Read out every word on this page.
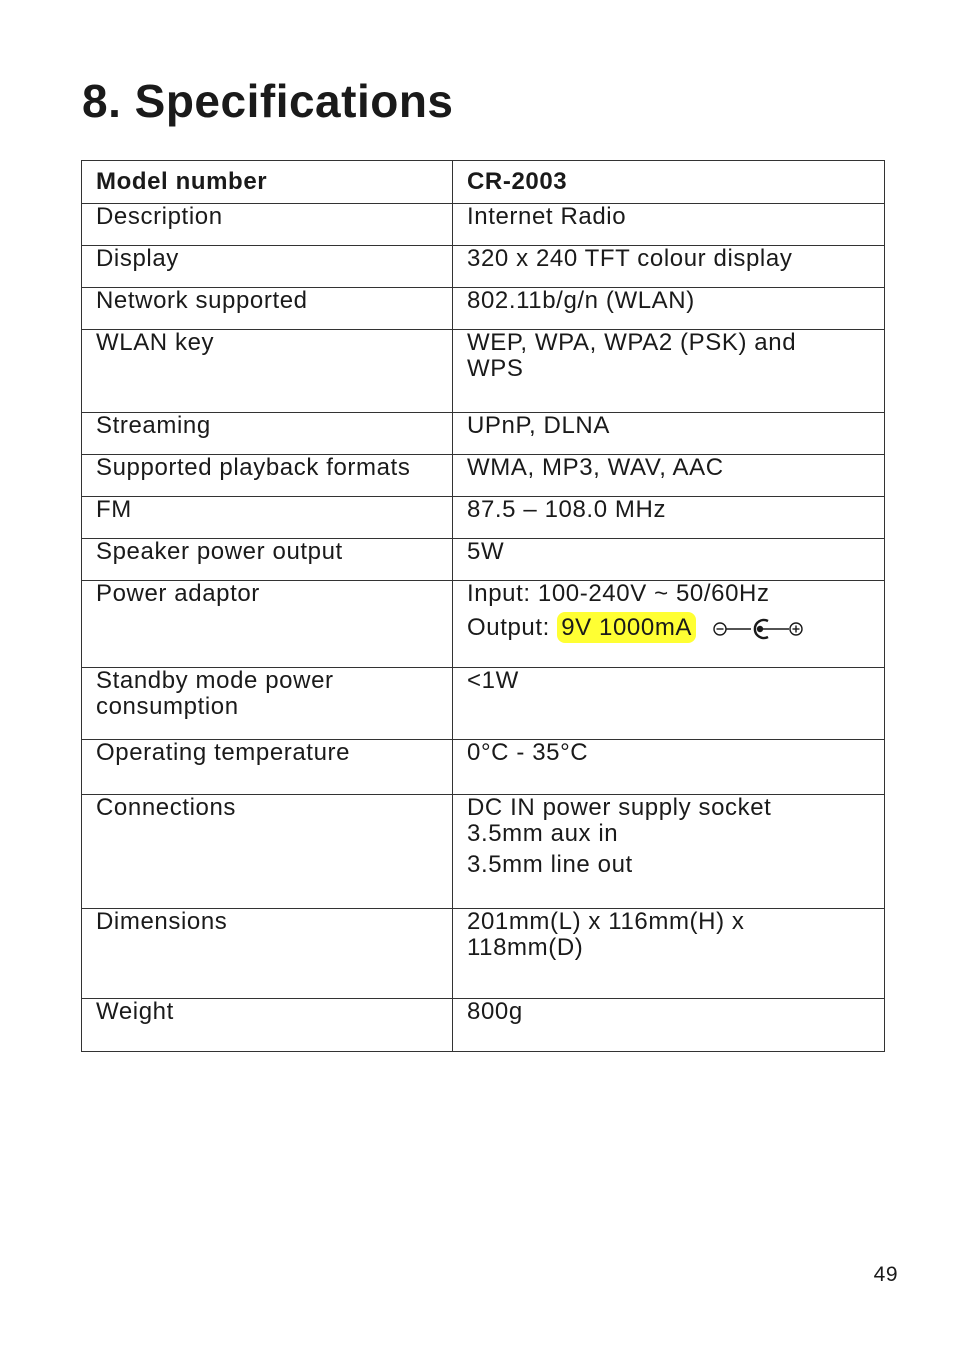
8. Specifications
Model number	CR-2003
Description	Internet Radio
Display	320 x 240 TFT colour display
Network supported	802.11b/g/n (WLAN)
WLAN key	WEP, WPA, WPA2 (PSK) and
WPS

Streaming	UPnP, DLNA
Supported playback formats	WMA, MP3, WAV, AAC
FM	87.5 – 108.0 MHz
Speaker power output	5W
Power adaptor	Input: 100-240V ~ 50/60Hz
Output: 9V 1000mA

Standby mode power
consumption	<1W
Operating temperature	0°C - 35°C
Connections	DC IN power supply socket
3.5mm aux in
3.5mm line out

Dimensions	201mm(L) x 116mm(H) x
118mm(D)

Weight	800g
49
